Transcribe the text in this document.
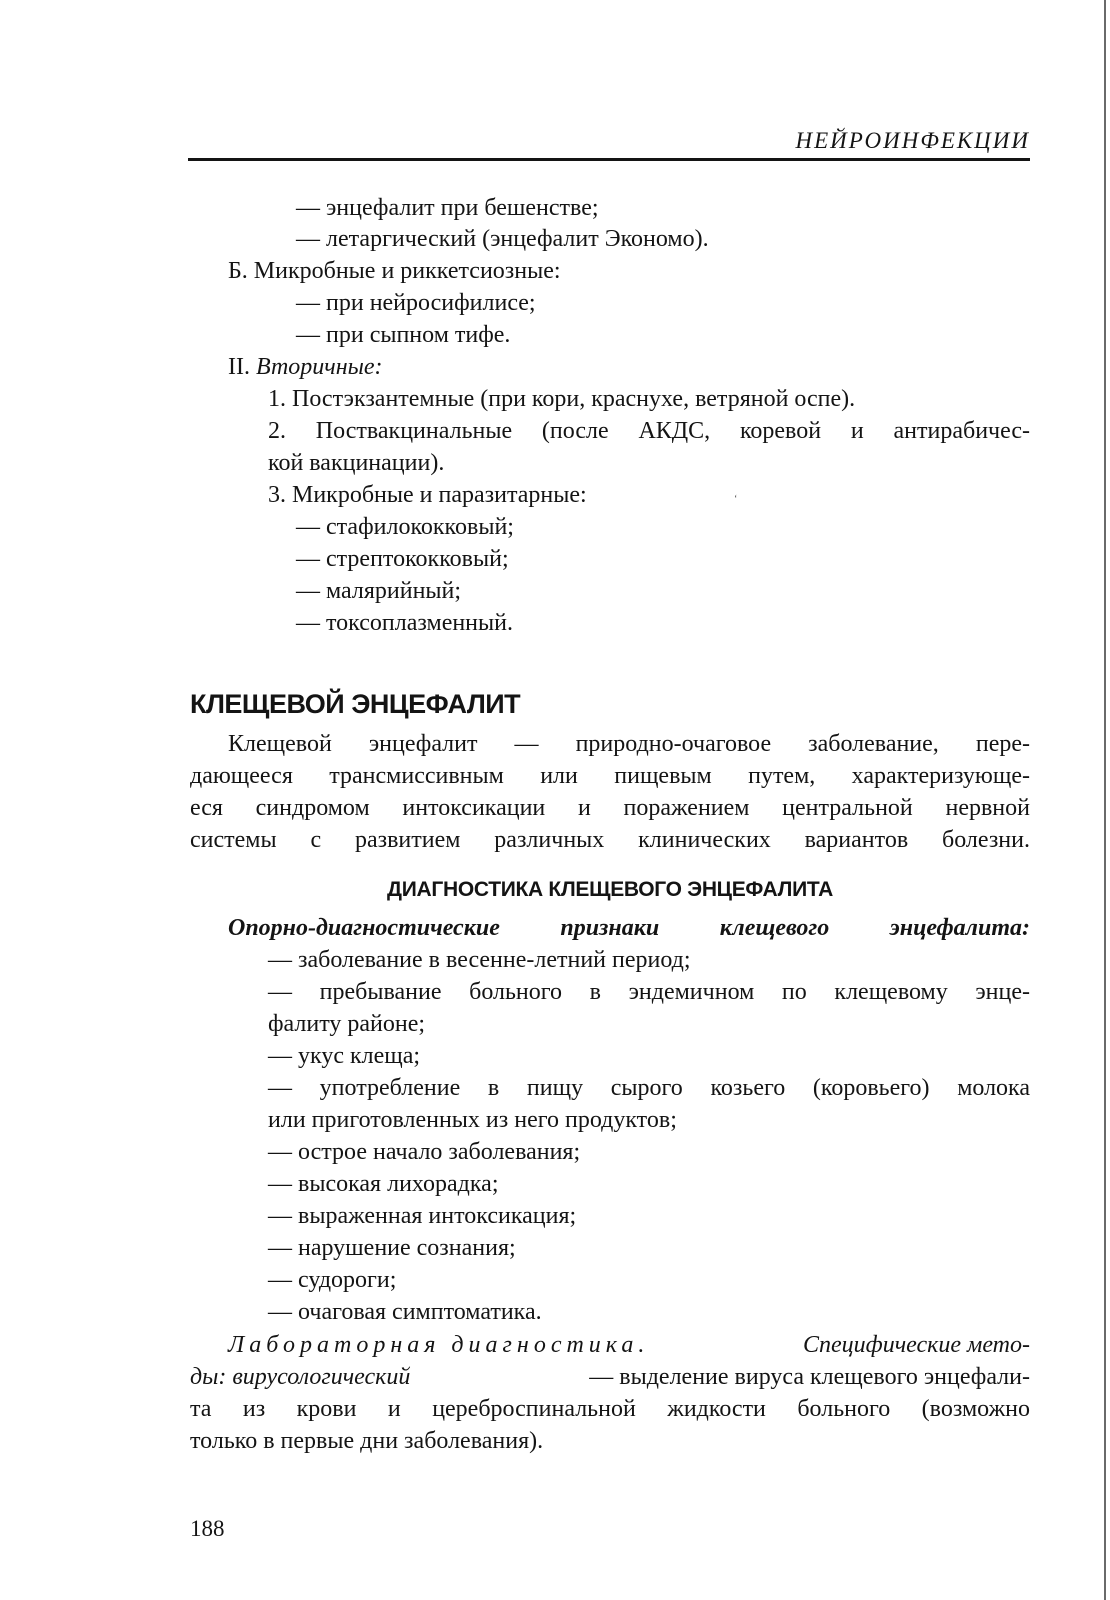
НЕЙРОИНФЕКЦИИ
— энцефалит при бешенстве;
— летаргический (энцефалит Экономо).
Б. Микробные и риккетсиозные:
— при нейросифилисе;
— при сыпном тифе.
II. Вторичные:
1. Постэкзантемные (при кори, краснухе, ветряной оспе).
2. Поствакцинальные (после АКДС, коревой и антирабичес-
кой вакцинации).
3. Микробные и паразитарные:	‘
— стафилококковый;
— стрептококковый;
— малярийный;
— токсоплазменный.
КЛЕЩЕВОЙ ЭНЦЕФАЛИТ
Клещевой энцефалит — природно-очаговое заболевание, пере-
дающееся трансмиссивным или пищевым путем, характеризующе-
еся синдромом интоксикации и поражением центральной нервной
системы с развитием различных клинических вариантов болезни.
ДИАГНОСТИКА КЛЕЩЕВОГО ЭНЦЕФАЛИТА
Опорно-диагностические признаки клещевого энцефалита:
— заболевание в весенне-летний период;
— пребывание больного в эндемичном по клещевому энце-
фалиту районе;
— укус клеща;
— употребление в пищу сырого козьего (коровьего) молока
или приготовленных из него продуктов;
— острое начало заболевания;
— высокая лихорадка;
— выраженная интоксикация;
— нарушение сознания;
— судороги;
— очаговая симптоматика.
Лабораторная диагностика.	Специфические мето-
ды: вирусологический	— выделение вируса клещевого энцефали-
та из крови и цереброспинальной жидкости больного (возможно
только в первые дни заболевания).
188
